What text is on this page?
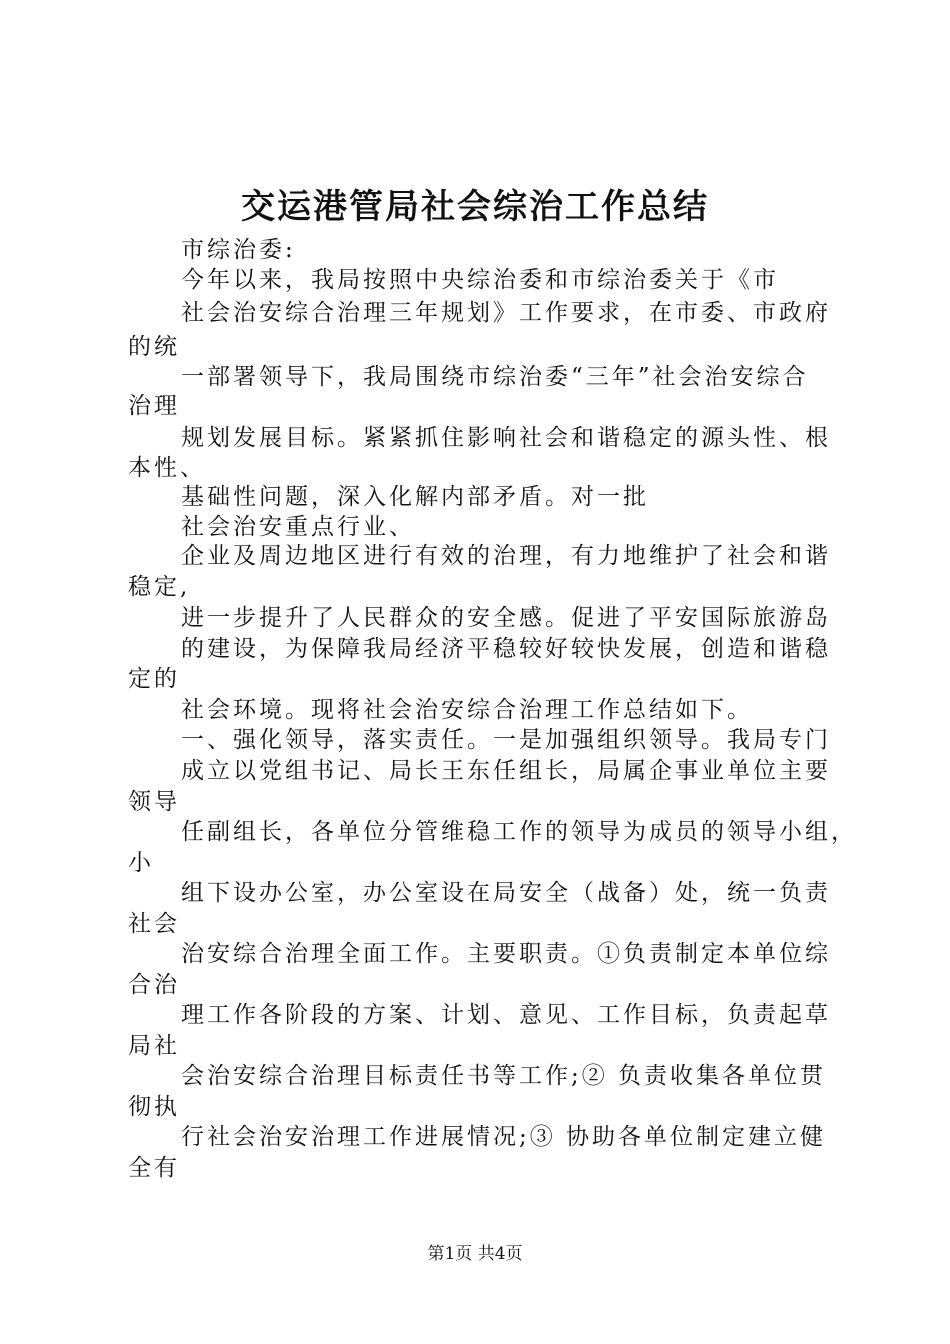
交运港管局社会综治工作总结
市综治委:
今年以来，我局按照中央综治委和市综治委关于《市
社会治安综合治理三年规划》工作要求，在市委、市政府
的统
一部署领导下，我局围绕市综治委“三年”社会治安综合
治理
规划发展目标。紧紧抓住影响社会和谐稳定的源头性、根
本性、
基础性问题，深入化解内部矛盾。对一批
社会治安重点行业、
企业及周边地区进行有效的治理，有力地维护了社会和谐
稳定,
进一步提升了人民群众的安全感。促进了平安国际旅游岛
的建设，为保障我局经济平稳较好较快发展，创造和谐稳
定的
社会环境。现将社会治安综合治理工作总结如下。
一、强化领导，落实责任。一是加强组织领导。我局专门
成立以党组书记、局长王东任组长，局属企事业单位主要
领导
任副组长，各单位分管维稳工作的领导为成员的领导小组，
小
组下设办公室，办公室设在局安全（战备）处，统一负责
社会
治安综合治理全面工作。主要职责。①负责制定本单位综
合治
理工作各阶段的方案、计划、意见、工作目标，负责起草
局社
会治安综合治理目标责任书等工作;② 负责收集各单位贯
彻执
行社会治安治理工作进展情况;③ 协助各单位制定建立健
全有
第1页 共4页
